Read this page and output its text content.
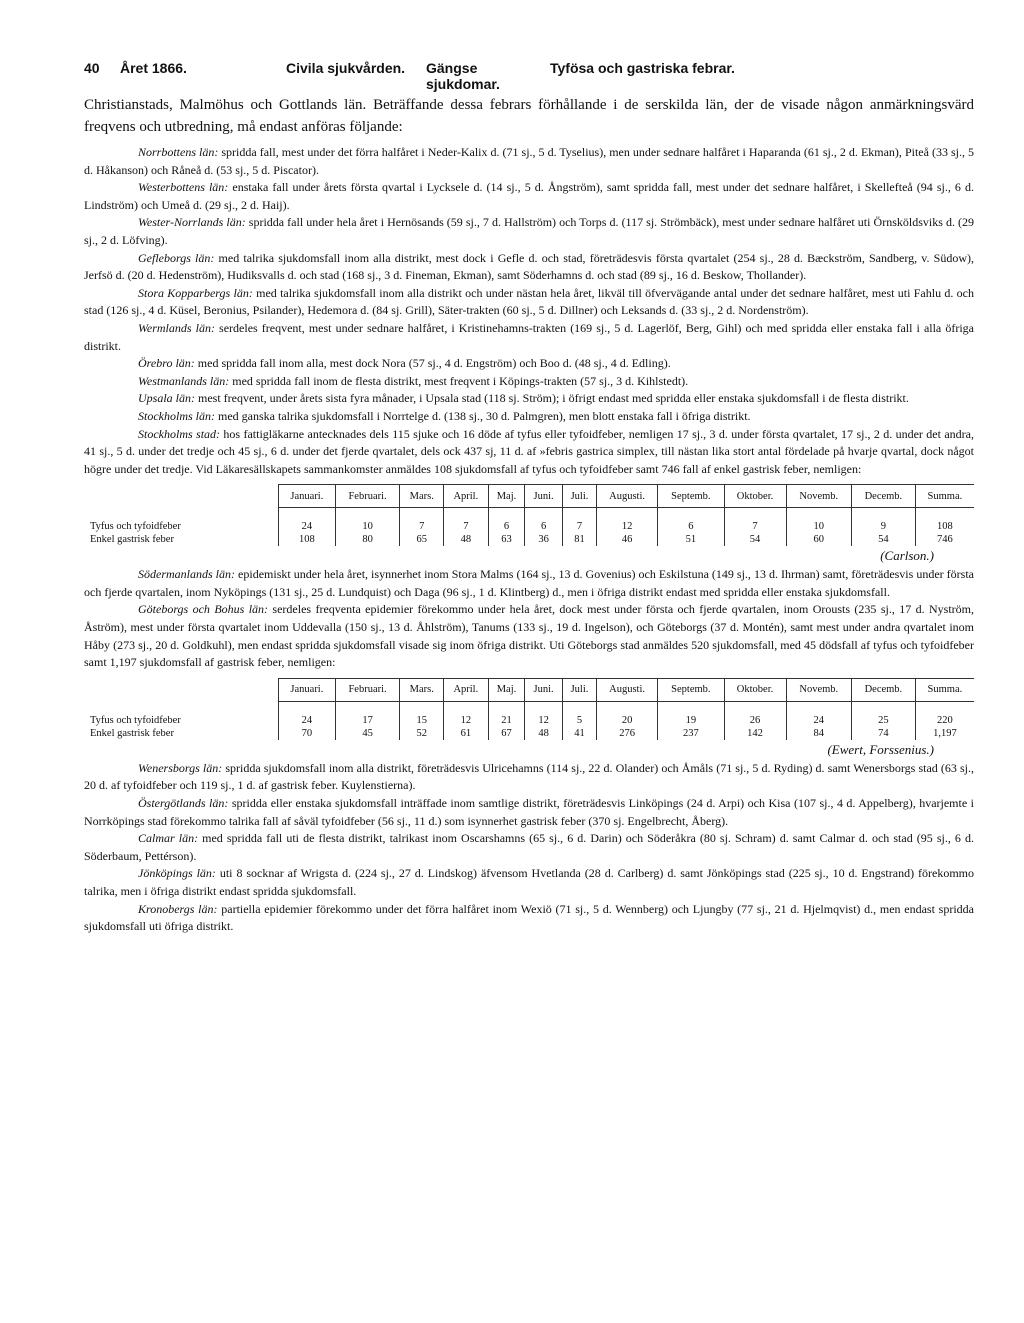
40	Året 1866.	Civila sjukvården.	Gängse sjukdomar.
Tyfösa och gastriska febrar.
Christianstads, Malmöhus och Gottlands län. Beträffande dessa febrars förhållande i de serskilda län, der de visade någon anmärkningsvärd freqvens och utbredning, må endast anföras följande:

Norrbottens län: spridda fall, mest under det förra halfåret i Neder-Kalix d. (71 sj., 5 d. Tyselius), men under sednare halfåret i Haparanda (61 sj., 2 d. Ekman), Piteå (33 sj., 5 d. Håkanson) och Råneå d. (53 sj., 5 d. Piscator).

Westerbottens län: enstaka fall under årets första qvartal i Lycksele d. (14 sj., 5 d. Ångström), samt spridda fall, mest under det sednare halfåret, i Skellefteå (94 sj., 6 d. Lindström) och Umeå d. (29 sj., 2 d. Haij).

Wester-Norrlands län: spridda fall under hela året i Hernösands (59 sj., 7 d. Hallström) och Torps d. (117 sj. Strömbäck), mest under sednare halfåret uti Örnsköldsviks d. (29 sj., 2 d. Löfving).

Gefleborgs län: med talrika sjukdomsfall inom alla distrikt, mest dock i Gefle d. och stad, företrädesvis första qvartalet (254 sj., 28 d. Bæckström, Sandberg, v. Südow), Jerfsö d. (20 d. Hedenström), Hudiksvalls d. och stad (168 sj., 3 d. Fineman, Ekman), samt Söderhamns d. och stad (89 sj., 16 d. Beskow, Thollander).

Stora Kopparbergs län: med talrika sjukdomsfall inom alla distrikt och under nästan hela året, likväl till öfvervägande antal under det sednare halfåret, mest uti Fahlu d. och stad (126 sj., 4 d. Küsel, Beronius, Psilander), Hedemora d. (84 sj. Grill), Säter-trakten (60 sj., 5 d. Dillner) och Leksands d. (33 sj., 2 d. Nordenström).

Wermlands län: serdeles freqvent, mest under sednare halfåret, i Kristinehamns-trakten (169 sj., 5 d. Lagerlöf, Berg, Gihl) och med spridda eller enstaka fall i alla öfriga distrikt.

Örebro län: med spridda fall inom alla, mest dock Nora (57 sj., 4 d. Engström) och Boo d. (48 sj., 4 d. Edling).

Westmanlands län: med spridda fall inom de flesta distrikt, mest freqvent i Köpings-trakten (57 sj., 3 d. Kihlstedt).

Upsala län: mest freqvent, under årets sista fyra månader, i Upsala stad (118 sj. Ström); i öfrigt endast med spridda eller enstaka sjukdomsfall i de flesta distrikt.

Stockholms län: med ganska talrika sjukdomsfall i Norrtelge d. (138 sj., 30 d. Palmgren), men blott enstaka fall i öfriga distrikt.

Stockholms stad: hos fattigläkarne antecknades dels 115 sjuke och 16 döde af tyfus eller tyfoidfeber, nemligen 17 sj., 3 d. under första qvartalet, 17 sj., 2 d. under det andra, 41 sj., 5 d. under det tredje och 45 sj., 6 d. under det fjerde qvartalet, dels ock 437 sj, 11 d. af »febris gastrica simplex, till nästan lika stort antal fördelade på hvarje qvartal, dock något högre under det tredje. Vid Läkaresällskapets sammankomster anmäldes 108 sjukdomsfall af tyfus och tyfoidfeber samt 746 fall af enkel gastrisk feber, nemligen:

	Januari.	Februari.	Mars.	April.	Maj.	Juni.	Juli.	Augusti.	Septemb.	Oktober.	Novemb.	Decemb.	Summa.

Tyfus och tyfoidfeber	24	10	7	7	6	6	7	12	6	7	10	9	108
Enkel gastrisk feber	108	80	65	48	63	36	81	46	51	54	60	54	746
(Carlson.)

Södermanlands län: epidemiskt under hela året, isynnerhet inom Stora Malms (164 sj., 13 d. Govenius) och Eskilstuna (149 sj., 13 d. Ihrman) samt, företrädesvis under första och fjerde qvartalen, inom Nyköpings (131 sj., 25 d. Lundquist) och Daga (96 sj., 1 d. Klintberg) d., men i öfriga distrikt endast med spridda eller enstaka sjukdomsfall.

Göteborgs och Bohus län: serdeles freqventa epidemier förekommo under hela året, dock mest under första och fjerde qvartalen, inom Orousts (235 sj., 17 d. Nyström, Åström), mest under första qvartalet inom Uddevalla (150 sj., 13 d. Åhlström), Tanums (133 sj., 19 d. Ingelson), och Göteborgs (37 d. Montén), samt mest under andra qvartalet inom Håby (273 sj., 20 d. Goldkuhl), men endast spridda sjukdomsfall visade sig inom öfriga distrikt. Uti Göteborgs stad anmäldes 520 sjukdomsfall, med 45 dödsfall af tyfus och tyfoidfeber samt 1,197 sjukdomsfall af gastrisk feber, nemligen:

	Januari.	Februari.	Mars.	April.	Maj.	Juni.	Juli.	Augusti.	Septemb.	Oktober.	Novemb.	Decemb.	Summa.

Tyfus och tyfoidfeber	24	17	15	12	21	12	5	20	19	26	24	25	220
Enkel gastrisk feber	70	45	52	61	67	48	41	276	237	142	84	74	1,197
(Ewert, Forssenius.)

Wenersborgs län: spridda sjukdomsfall inom alla distrikt, företrädesvis Ulricehamns (114 sj., 22 d. Olander) och Åmåls (71 sj., 5 d. Ryding) d. samt Wenersborgs stad (63 sj., 20 d. af tyfoidfeber och 119 sj., 1 d. af gastrisk feber. Kuylenstierna).

Östergötlands län: spridda eller enstaka sjukdomsfall inträffade inom samtlige distrikt, företrädesvis Linköpings (24 d. Arpi) och Kisa (107 sj., 4 d. Appelberg), hvarjemte i Norrköpings stad förekommo talrika fall af såväl tyfoidfeber (56 sj., 11 d.) som isynnerhet gastrisk feber (370 sj. Engelbrecht, Åberg).

Calmar län: med spridda fall uti de flesta distrikt, talrikast inom Oscarshamns (65 sj., 6 d. Darin) och Söderåkra (80 sj. Schram) d. samt Calmar d. och stad (95 sj., 6 d. Söderbaum, Pettérson).

Jönköpings län: uti 8 socknar af Wrigsta d. (224 sj., 27 d. Lindskog) äfvensom Hvetlanda (28 d. Carlberg) d. samt Jönköpings stad (225 sj., 10 d. Engstrand) förekommo talrika, men i öfriga distrikt endast spridda sjukdomsfall.

Kronobergs län: partiella epidemier förekommo under det förra halfåret inom Wexiö (71 sj., 5 d. Wennberg) och Ljungby (77 sj., 21 d. Hjelmqvist) d., men endast spridda sjukdomsfall uti öfriga distrikt.
